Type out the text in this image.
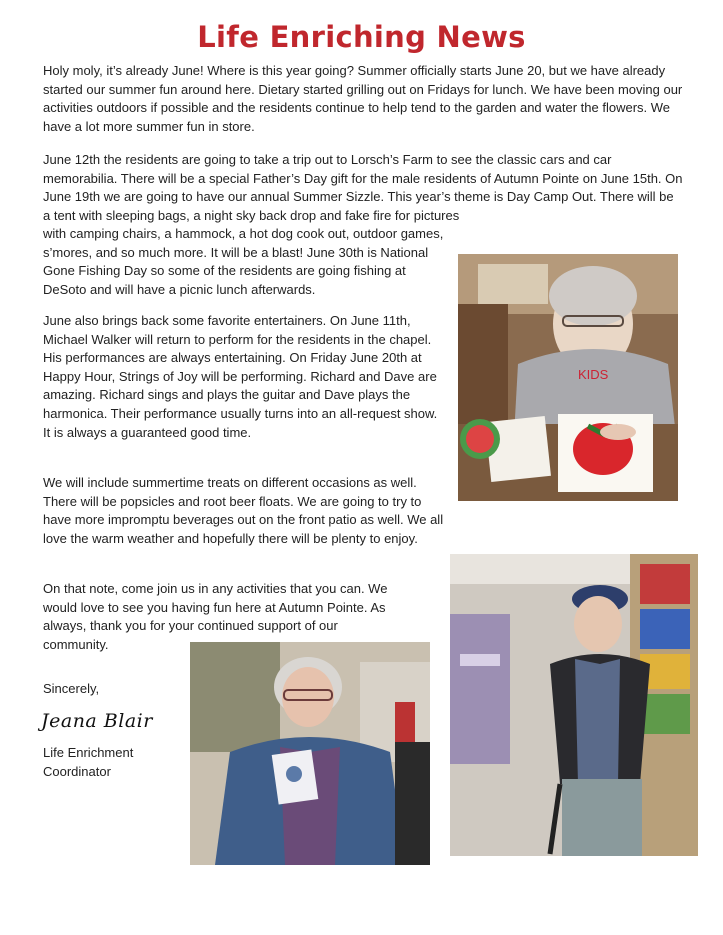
Life Enriching News

Holy moly, it’s already June! Where is this year going? Summer officially starts June 20, but we have already started our summer fun around here. Dietary started grilling out on Fridays for lunch. We have been moving our activities outdoors if possible and the residents continue to help tend to the garden and water the flowers. We have a lot more summer fun in store.

June 12th the residents are going to take a trip out to Lorsch’s Farm to see the classic cars and car memorabilia. There will be a special Father’s Day gift for the male residents of Autumn Pointe on June 15th. On June 19th we are going to have our annual Summer Sizzle. This year’s theme is Day Camp Out. There will be a tent with sleeping bags, a night sky back drop and fake fire for pictures

with camping chairs, a hammock, a hot dog cook out, outdoor games, s’mores, and so much more. It will be a blast! June 30th is National Gone Fishing Day so some of the residents are going fishing at DeSoto and will have a picnic lunch afterwards.

June also brings back some favorite entertainers. On June 11th, Michael Walker will return to perform for the residents in the chapel. His performances are always entertaining. On Friday June 20th at Happy Hour, Strings of Joy will be performing. Richard and Dave are amazing. Richard sings and plays the guitar and Dave plays the harmonica. Their performance usually turns into an all-request show. It is always a guaranteed good time.

We will include summertime treats on different occasions as well. There will be popsicles and root beer floats. We are going to try to have more impromptu beverages out on the front patio as well. We all love the warm weather and hopefully there will be plenty to enjoy.

On that note, come join us in any activities that you can. We would love to see you having fun here at Autumn Pointe. As always, thank you for your continued support of our community.

Sincerely,
Jeana Blair
Life Enrichment Coordinator
KIDS
